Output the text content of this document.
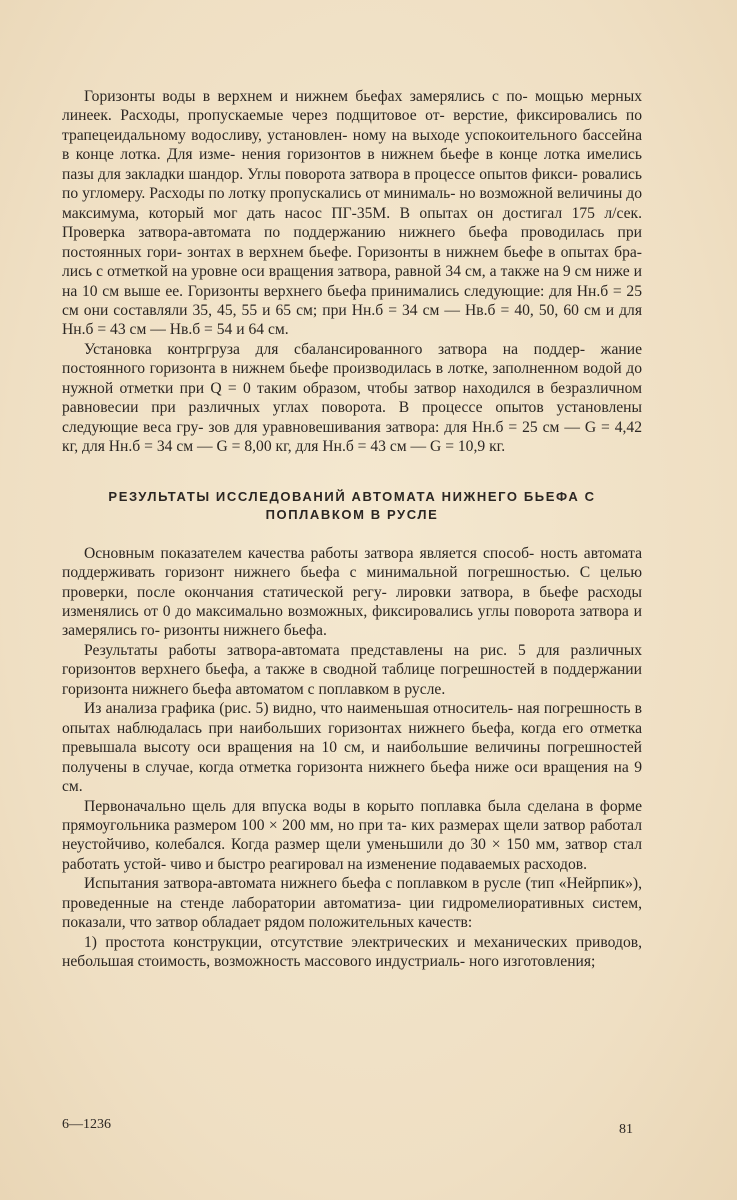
Горизонты воды в верхнем и нижнем бьефах замерялись с по- мощью мерных линеек. Расходы, пропускаемые через подщитовое от- верстие, фиксировались по трапецеидальному водосливу, установлен- ному на выходе успокоительного бассейна в конце лотка. Для изме- нения горизонтов в нижнем бьефе в конце лотка имелись пазы для закладки шандор. Углы поворота затвора в процессе опытов фикси- ровались по угломеру. Расходы по лотку пропускались от минималь- но возможной величины до максимума, который мог дать насос ПГ-35М. В опытах он достигал 175 л/сек. Проверка затвора-автомата по поддержанию нижнего бьефа проводилась при постоянных гори- зонтах в верхнем бьефе. Горизонты в нижнем бьефе в опытах бра- лись с отметкой на уровне оси вращения затвора, равной 34 см, а также на 9 см ниже и на 10 см выше ее. Горизонты верхнего бьефа принимались следующие: для Hн.б = 25 см они составляли 35, 45, 55 и 65 см; при Hн.б = 34 см — Hв.б = 40, 50, 60 см и для Hн.б = 43 см — Hв.б = 54 и 64 см.

Установка контргруза для сбалансированного затвора на поддер- жание постоянного горизонта в нижнем бьефе производилась в лотке, заполненном водой до нужной отметки при Q = 0 таким образом, чтобы затвор находился в безразличном равновесии при различных углах поворота. В процессе опытов установлены следующие веса гру- зов для уравновешивания затвора: для Hн.б = 25 см — G = 4,42 кг, для Hн.б = 34 см — G = 8,00 кг, для Hн.б = 43 см — G = 10,9 кг.

РЕЗУЛЬТАТЫ ИССЛЕДОВАНИЙ АВТОМАТА НИЖНЕГО БЬЕФА С ПОПЛАВКОМ В РУСЛЕ

Основным показателем качества работы затвора является способ- ность автомата поддерживать горизонт нижнего бьефа с минимальной погрешностью. С целью проверки, после окончания статической регу- лировки затвора, в бьефе расходы изменялись от 0 до максимально возможных, фиксировались углы поворота затвора и замерялись го- ризонты нижнего бьефа.

Результаты работы затвора-автомата представлены на рис. 5 для различных горизонтов верхнего бьефа, а также в сводной таблице погрешностей в поддержании горизонта нижнего бьефа автоматом с поплавком в русле.

Из анализа графика (рис. 5) видно, что наименьшая относитель- ная погрешность в опытах наблюдалась при наибольших горизонтах нижнего бьефа, когда его отметка превышала высоту оси вращения на 10 см, и наибольшие величины погрешностей получены в случае, когда отметка горизонта нижнего бьефа ниже оси вращения на 9 см.

Первоначально щель для впуска воды в корыто поплавка была сделана в форме прямоугольника размером 100 × 200 мм, но при та- ких размерах щели затвор работал неустойчиво, колебался. Когда размер щели уменьшили до 30 × 150 мм, затвор стал работать устой- чиво и быстро реагировал на изменение подаваемых расходов.

Испытания затвора-автомата нижнего бьефа с поплавком в русле (тип «Нейрпик»), проведенные на стенде лаборатории автоматиза- ции гидромелиоративных систем, показали, что затвор обладает рядом положительных качеств:

1) простота конструкции, отсутствие электрических и механических приводов, небольшая стоимость, возможность массового индустриаль- ного изготовления;

6—1236	81
